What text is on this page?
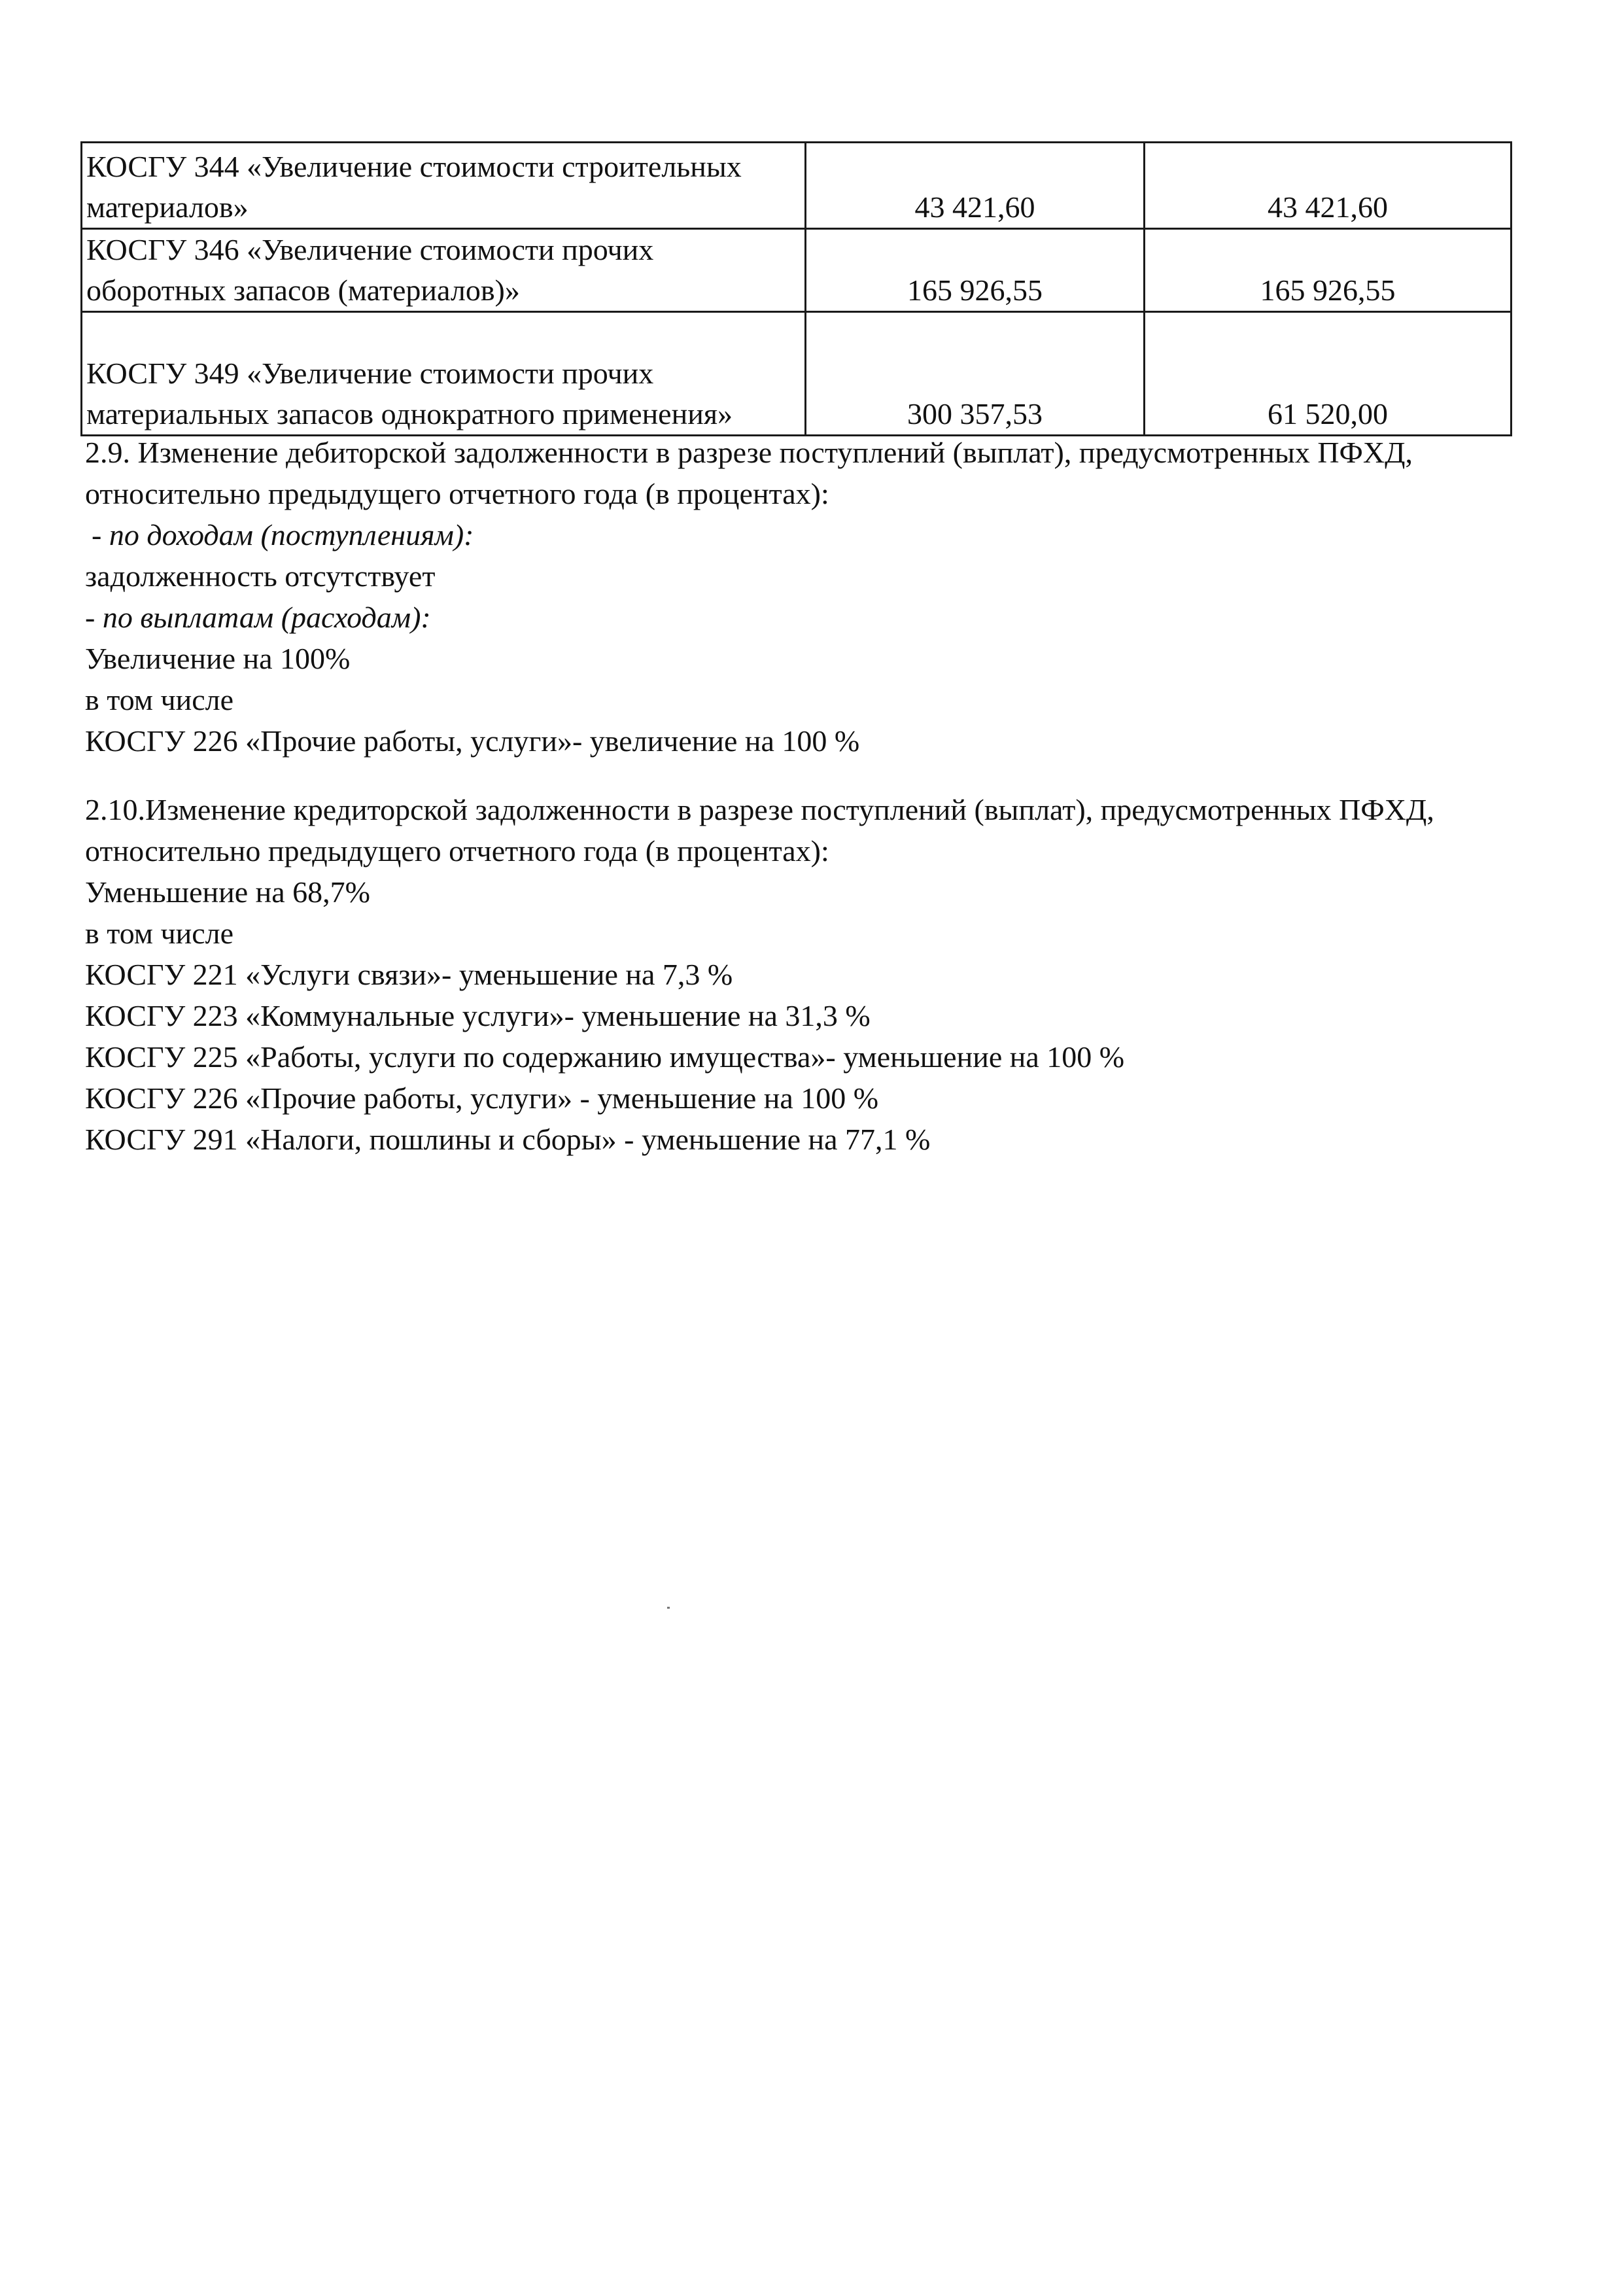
КОСГУ 344 «Увеличение стоимости строительных
материалов»	43 421,60	43 421,60

КОСГУ 346 «Увеличение стоимости прочих
оборотных запасов (материалов)»	165 926,55	165 926,55

КОСГУ 349 «Увеличение стоимости прочих
материальных запасов однократного применения»	300 357,53	61 520,00
2.9. Изменение дебиторской задолженности в разрезе поступлений (выплат), предусмотренных ПФХД,
относительно предыдущего отчетного года (в процентах):
- по доходам (поступлениям):
задолженность отсутствует
- по выплатам (расходам):
Увеличение на 100%
в том числе
КОСГУ 226 «Прочие работы, услуги»- увеличение на 100 %
2.10.Изменение кредиторской задолженности в разрезе поступлений (выплат), предусмотренных ПФХД,
относительно предыдущего отчетного года (в процентах):
Уменьшение на 68,7%
в том числе
КОСГУ 221 «Услуги связи»- уменьшение на 7,3 %
КОСГУ 223 «Коммунальные услуги»- уменьшение на 31,3 %
КОСГУ 225 «Работы, услуги по содержанию имущества»- уменьшение на 100 %
КОСГУ 226 «Прочие работы, услуги» - уменьшение на 100 %
КОСГУ 291 «Налоги, пошлины и сборы» - уменьшение на 77,1 %
